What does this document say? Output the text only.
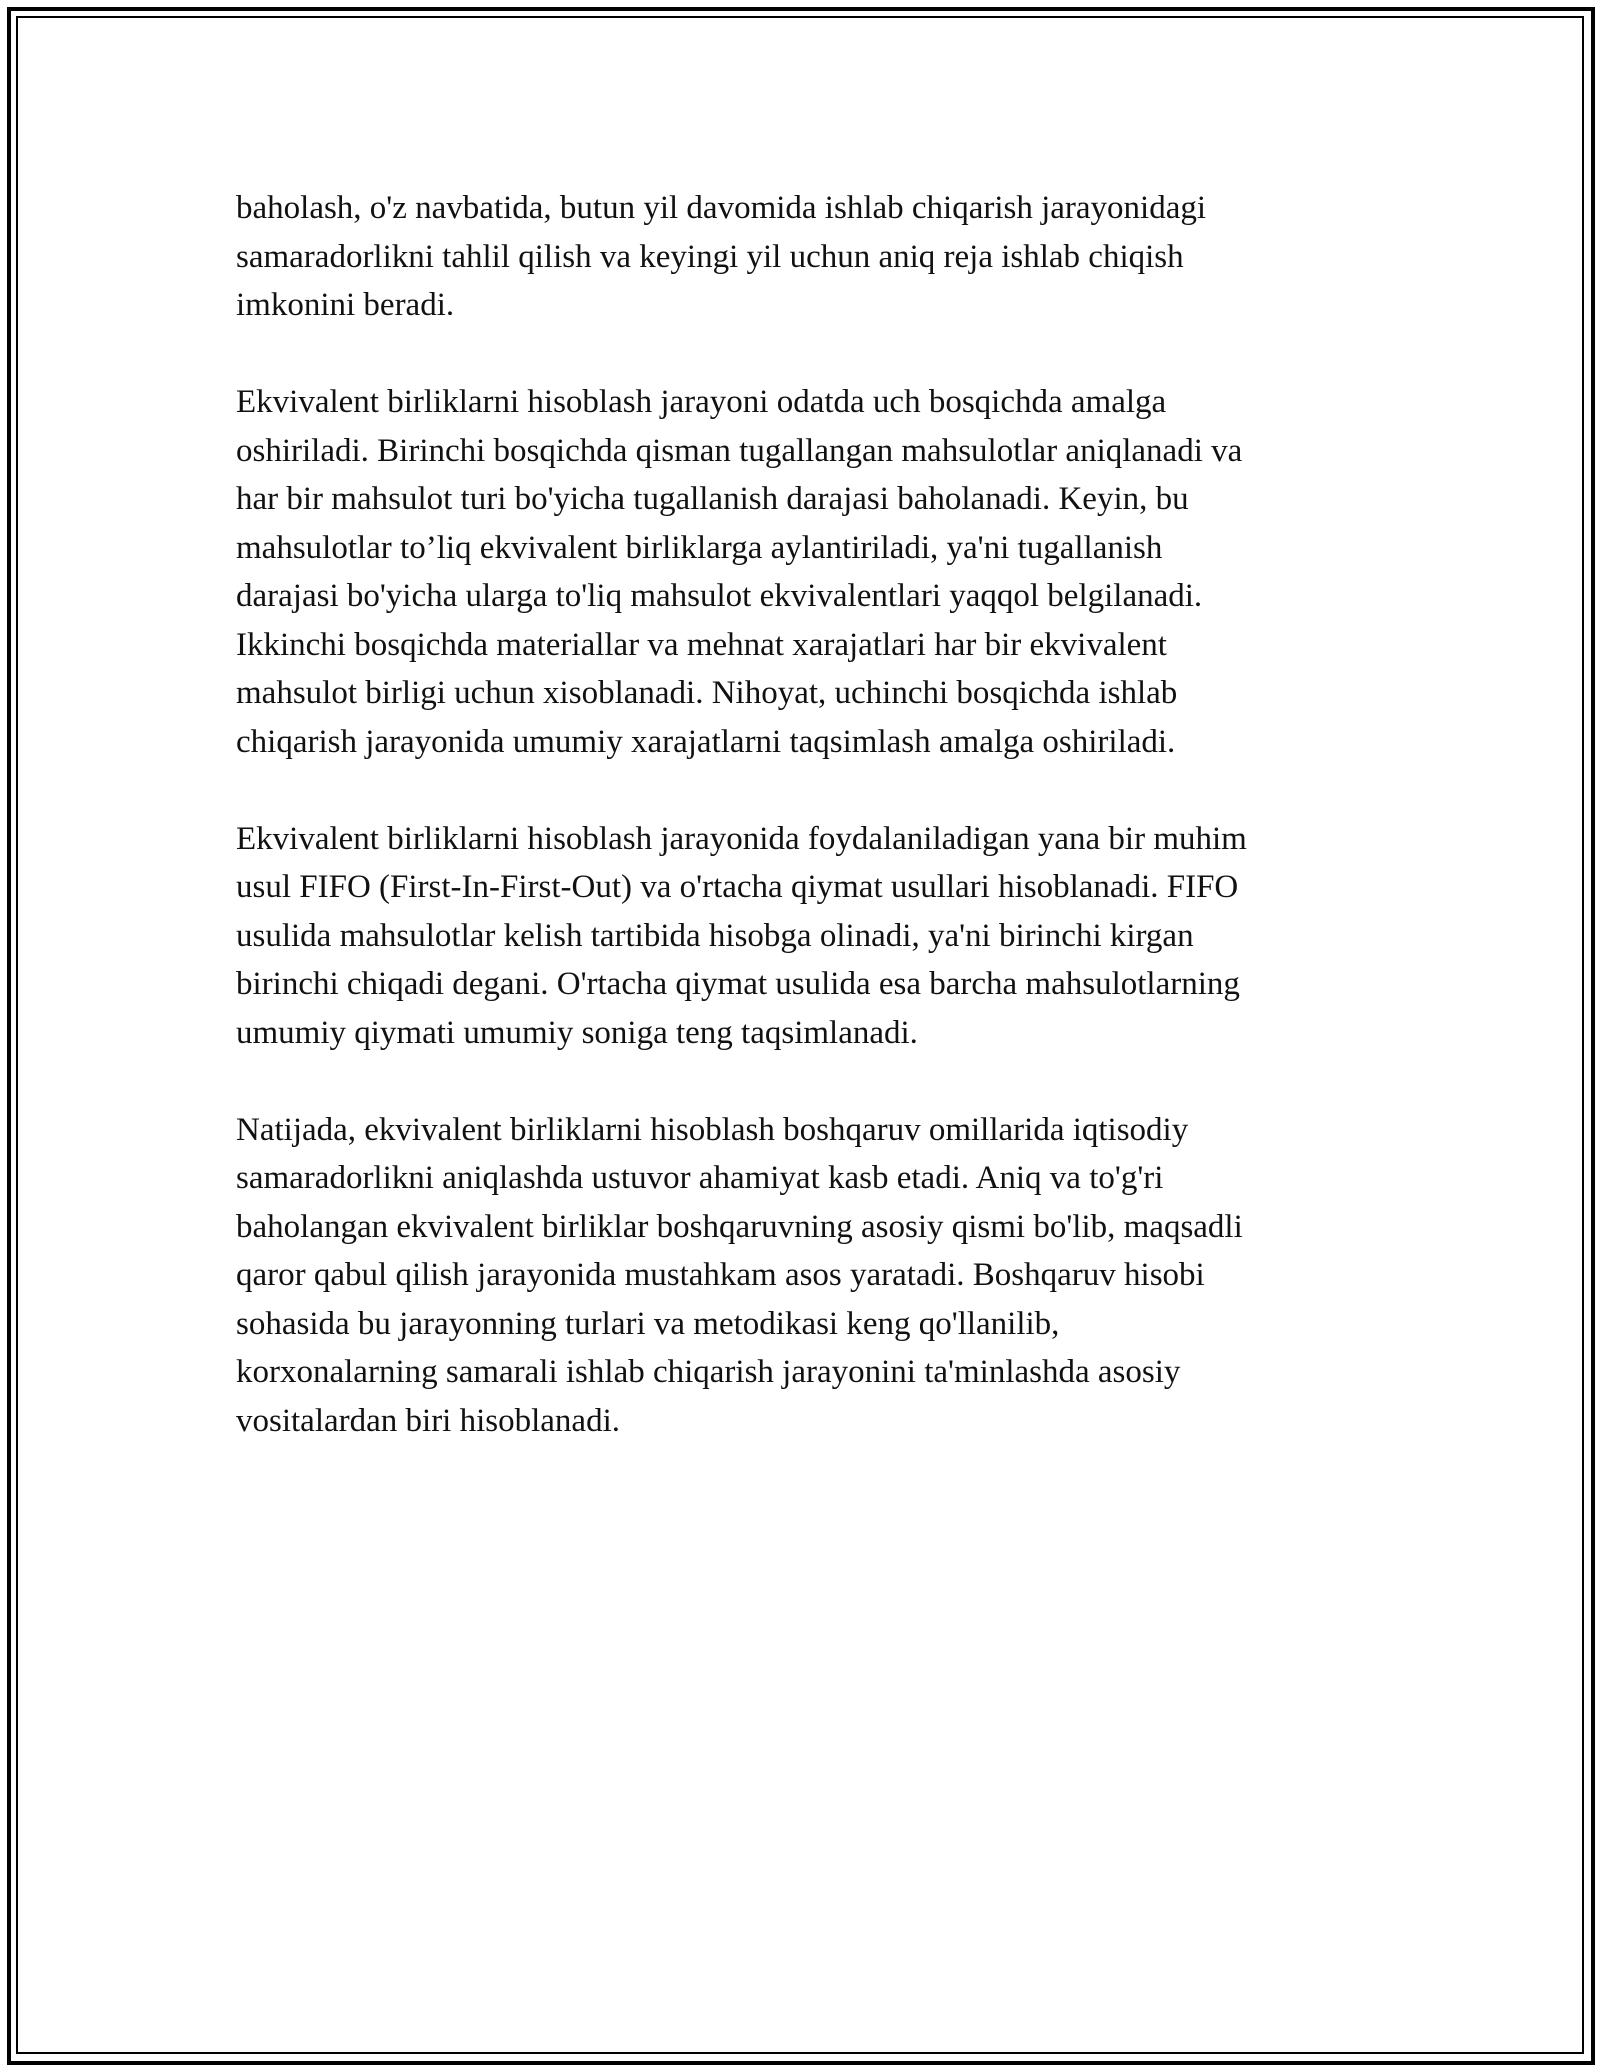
baholash, o'z navbatida, butun yil davomida ishlab chiqarish jarayonidagi
samaradorlikni tahlil qilish va keyingi yil uchun aniq reja ishlab chiqish
imkonini beradi.

Ekvivalent birliklarni hisoblash jarayoni odatda uch bosqichda amalga
oshiriladi. Birinchi bosqichda qisman tugallangan mahsulotlar aniqlanadi va
har bir mahsulot turi bo'yicha tugallanish darajasi baholanadi. Keyin, bu
mahsulotlar to’liq ekvivalent birliklarga aylantiriladi, ya'ni tugallanish
darajasi bo'yicha ularga to'liq mahsulot ekvivalentlari yaqqol belgilanadi.
Ikkinchi bosqichda materiallar va mehnat xarajatlari har bir ekvivalent
mahsulot birligi uchun xisoblanadi. Nihoyat, uchinchi bosqichda ishlab
chiqarish jarayonida umumiy xarajatlarni taqsimlash amalga oshiriladi.

Ekvivalent birliklarni hisoblash jarayonida foydalaniladigan yana bir muhim
usul FIFO (First-In-First-Out) va o'rtacha qiymat usullari hisoblanadi. FIFO
usulida mahsulotlar kelish tartibida hisobga olinadi, ya'ni birinchi kirgan
birinchi chiqadi degani. O'rtacha qiymat usulida esa barcha mahsulotlarning
umumiy qiymati umumiy soniga teng taqsimlanadi.

Natijada, ekvivalent birliklarni hisoblash boshqaruv omillarida iqtisodiy
samaradorlikni aniqlashda ustuvor ahamiyat kasb etadi. Aniq va to'g'ri
baholangan ekvivalent birliklar boshqaruvning asosiy qismi bo'lib, maqsadli
qaror qabul qilish jarayonida mustahkam asos yaratadi. Boshqaruv hisobi
sohasida bu jarayonning turlari va metodikasi keng qo'llanilib,
korxonalarning samarali ishlab chiqarish jarayonini ta'minlashda asosiy
vositalardan biri hisoblanadi.
